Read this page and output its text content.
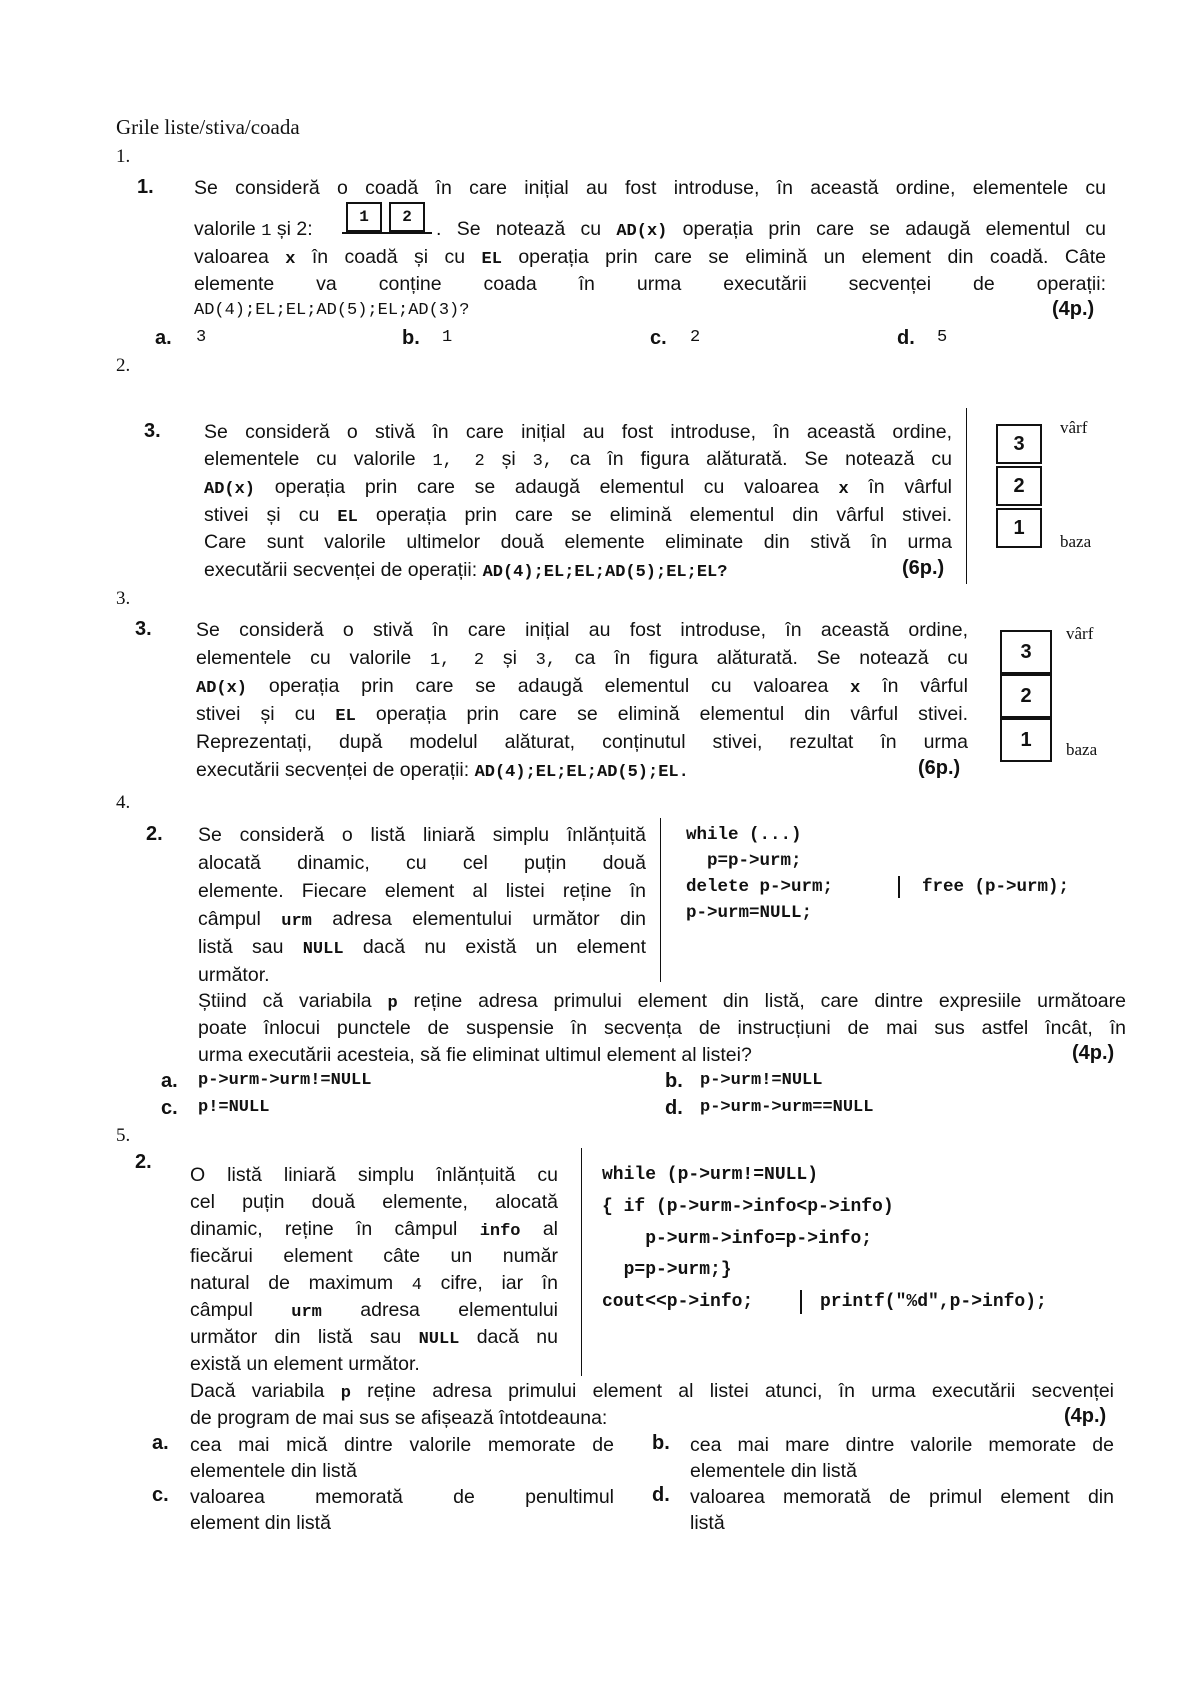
Grile liste/stiva/coada
1.
1. Se consideră o coadă în care inițial au fost introduse, în această ordine, elementele cu
valorile 1 și 2:
1	2
. Se notează cu AD(x) operația prin care se adaugă elementul cu
valoarea x în coadă și cu EL operația prin care se elimină un element din coadă. Câte
elemente va conține coada în urma executării secvenței de operații:
AD(4);EL;EL;AD(5);EL;AD(3)?	(4p.)
a. 3	b. 1	c. 2	d. 5
2.
3. Se consideră o stivă în care inițial au fost introduse, în această ordine,
elementele cu valorile 1, 2 și 3, ca în figura alăturată. Se notează cu
AD(x) operația prin care se adaugă elementul cu valoarea x în vârful
stivei și cu EL operația prin care se elimină elementul din vârful stivei.
Care sunt valorile ultimelor două elemente eliminate din stivă în urma
executării secvenței de operații: AD(4);EL;EL;AD(5);EL;EL?	(6p.)
3
2
1
vârf
baza
3.
3. Se consideră o stivă în care inițial au fost introduse, în această ordine,
elementele cu valorile 1, 2 și 3, ca în figura alăturată. Se notează cu
AD(x) operația prin care se adaugă elementul cu valoarea x în vârful
stivei și cu EL operația prin care se elimină elementul din vârful stivei.
Reprezentați, după modelul alăturat, conținutul stivei, rezultat în urma
executării secvenței de operații: AD(4);EL;EL;AD(5);EL.	(6p.)
3
2
1
vârf
baza
4.
2. Se consideră o listă liniară simplu înlănțuită
alocată dinamic, cu cel puțin două
elemente. Fiecare element al listei reține în
câmpul urm adresa elementului următor din
listă sau NULL dacă nu există un element
următor.
while (...)
p=p->urm;
delete p->urm;	free (p->urm);
p->urm=NULL;
Știind că variabila p reține adresa primului element din listă, care dintre expresiile următoare
poate înlocui punctele de suspensie în secvența de instrucțiuni de mai sus astfel încât, în
urma executării acesteia, să fie eliminat ultimul element al listei?	(4p.)
a. p->urm->urm!=NULL	b. p->urm!=NULL
c. p!=NULL	d. p->urm->urm==NULL
5.
2.
O listă liniară simplu înlănțuită cu
cel puțin două elemente, alocată
dinamic, reține în câmpul info al
fiecărui element câte un număr
natural de maximum 4 cifre, iar în
câmpul urm adresa elementului
următor din listă sau NULL dacă nu
există un element următor.
while (p->urm!=NULL)
{ if (p->urm->info<p->info)
p->urm->info=p->info;
p=p->urm;}
cout<<p->info;	printf("%d",p->info);
Dacă variabila p reține adresa primului element al listei atunci, în urma executării secvenței
de program de mai sus se afișează întotdeauna:	(4p.)
a. cea mai mică dintre valorile memorate de
elementele din listă
b. cea mai mare dintre valorile memorate de
elementele din listă
c. valoarea memorată de penultimul
element din listă
d. valoarea memorată de primul element din
listă
